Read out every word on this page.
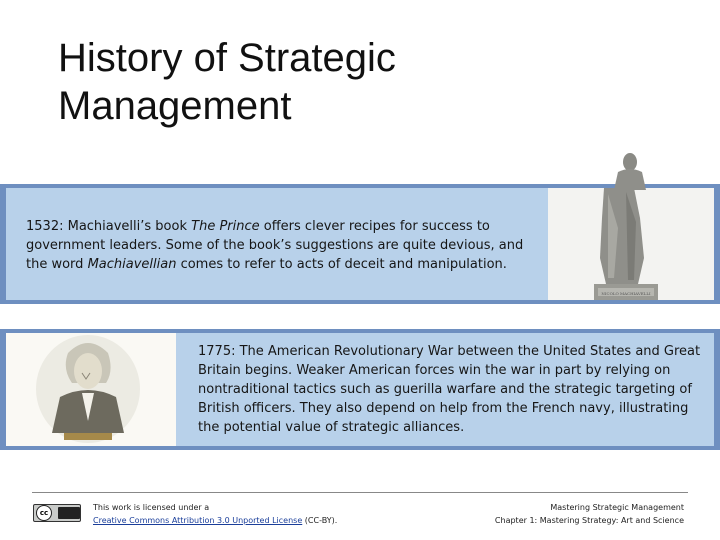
History of Strategic
Management
1532: Machiavelli’s book The Prince offers clever recipes for success to government leaders. Some of the book’s suggestions are quite devious, and the word Machiavellian comes to refer to acts of deceit and manipulation.
NICOLO MACHIAVELLI
1775: The American Revolutionary War between the United States and Great Britain begins. Weaker American forces win the war in part by relying on nontraditional tactics such as guerilla warfare and the strategic targeting of British officers. They also depend on help from the French navy, illustrating the potential value of strategic alliances.
cc
This work is licensed under a
Creative Commons Attribution 3.0 Unported License (CC-BY).
Mastering Strategic Management
Chapter 1: Mastering Strategy: Art and Science
